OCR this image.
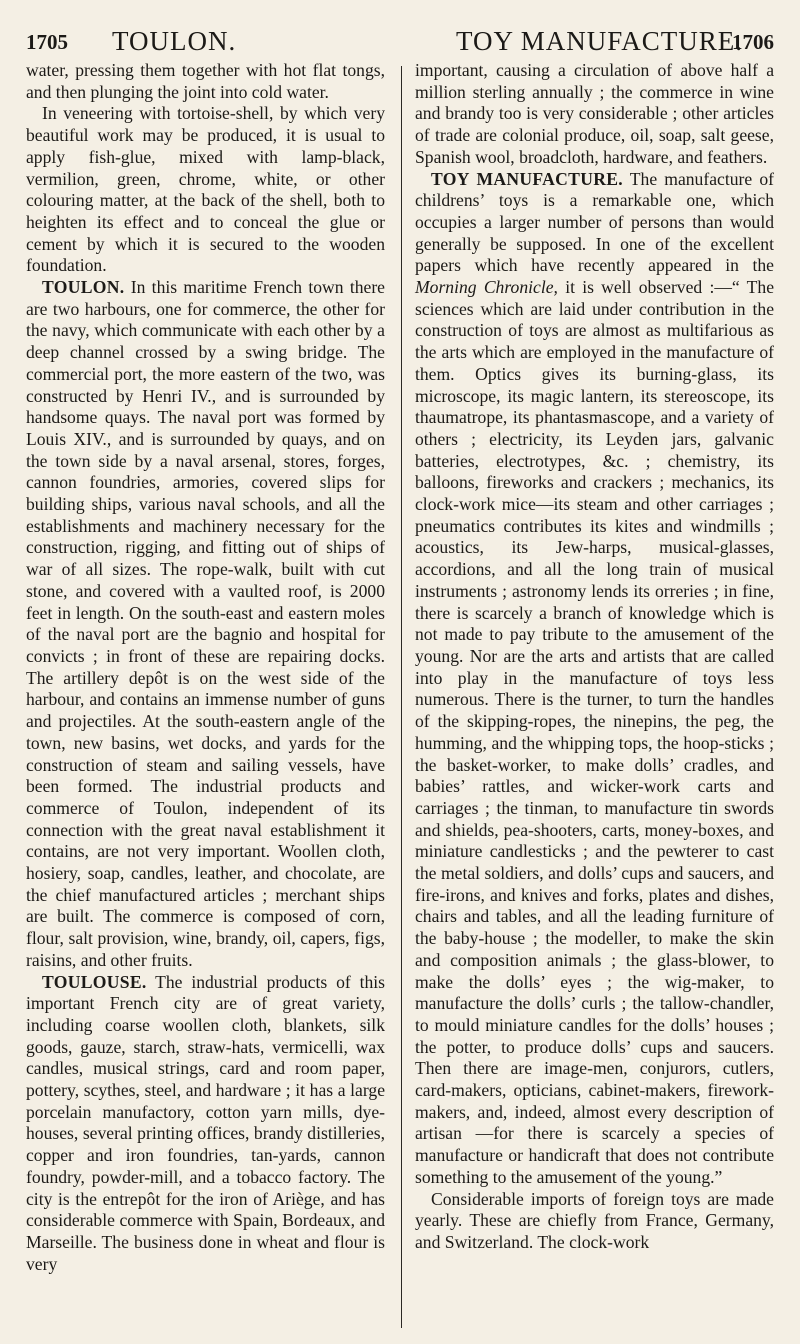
1705 TOULON.	TOY MANUFACTURE.
1706

water, pressing them together with hot flat tongs, and then plunging the joint into cold water.

In veneering with tortoise-shell, by which very beautiful work may be produced, it is usual to apply fish-glue, mixed with lamp-black, vermilion, green, chrome, white, or other colouring matter, at the back of the shell, both to heighten its effect and to conceal the glue or cement by which it is secured to the wooden foundation.

TOULON. In this maritime French town there are two harbours, one for commerce, the other for the navy, which communicate with each other by a deep channel crossed by a swing bridge. The commercial port, the more eastern of the two, was constructed by Henri IV., and is surrounded by handsome quays. The naval port was formed by Louis XIV., and is surrounded by quays, and on the town side by a naval arsenal, stores, forges, cannon foundries, armories, covered slips for building ships, various naval schools, and all the establishments and machinery necessary for the construction, rigging, and fitting out of ships of war of all sizes. The rope-walk, built with cut stone, and covered with a vaulted roof, is 2000 feet in length. On the south-east and eastern moles of the naval port are the bagnio and hospital for convicts ; in front of these are repairing docks. The artillery depôt is on the west side of the harbour, and contains an immense number of guns and projectiles. At the south-eastern angle of the town, new basins, wet docks, and yards for the construction of steam and sailing vessels, have been formed. The industrial products and commerce of Toulon, independent of its connection with the great naval establishment it contains, are not very important. Woollen cloth, hosiery, soap, candles, leather, and chocolate, are the chief manufactured articles ; merchant ships are built. The commerce is composed of corn, flour, salt provision, wine, brandy, oil, capers, figs, raisins, and other fruits.

TOULOUSE. The industrial products of this important French city are of great variety, including coarse woollen cloth, blankets, silk goods, gauze, starch, straw-hats, vermicelli, wax candles, musical strings, card and room paper, pottery, scythes, steel, and hardware ; it has a large porcelain manufactory, cotton yarn mills, dye-houses, several printing offices, brandy distilleries, copper and iron foundries, tan-yards, cannon foundry, powder-mill, and a tobacco factory. The city is the entrepôt for the iron of Ariège, and has considerable commerce with Spain, Bordeaux, and Marseille. The business done in wheat and flour is very

important, causing a circulation of above half a million sterling annually ; the commerce in wine and brandy too is very considerable ; other articles of trade are colonial produce, oil, soap, salt geese, Spanish wool, broadcloth, hardware, and feathers.

TOY MANUFACTURE. The manufacture of childrens’ toys is a remarkable one, which occupies a larger number of persons than would generally be supposed. In one of the excellent papers which have recently appeared in the Morning Chronicle, it is well observed :—“ The sciences which are laid under contribution in the construction of toys are almost as multifarious as the arts which are employed in the manufacture of them. Optics gives its burning-glass, its microscope, its magic lantern, its stereoscope, its thaumatrope, its phantasmascope, and a variety of others ; electricity, its Leyden jars, galvanic batteries, electrotypes, &c. ; chemistry, its balloons, fireworks and crackers ; mechanics, its clock-work mice—its steam and other carriages ; pneumatics contributes its kites and windmills ; acoustics, its Jew-harps, musical-glasses, accordions, and all the long train of musical instruments ; astronomy lends its orreries ; in fine, there is scarcely a branch of knowledge which is not made to pay tribute to the amusement of the young. Nor are the arts and artists that are called into play in the manufacture of toys less numerous. There is the turner, to turn the handles of the skipping-ropes, the ninepins, the peg, the humming, and the whipping tops, the hoop-sticks ; the basket-worker, to make dolls’ cradles, and babies’ rattles, and wicker-work carts and carriages ; the tinman, to manufacture tin swords and shields, pea-shooters, carts, money-boxes, and miniature candlesticks ; and the pewterer to cast the metal soldiers, and dolls’ cups and saucers, and fire-irons, and knives and forks, plates and dishes, chairs and tables, and all the leading furniture of the baby-house ; the modeller, to make the skin and composition animals ; the glass-blower, to make the dolls’ eyes ; the wig-maker, to manufacture the dolls’ curls ; the tallow-chandler, to mould miniature candles for the dolls’ houses ; the potter, to produce dolls’ cups and saucers. Then there are image-men, conjurors, cutlers, card-makers, opticians, cabinet-makers, firework-makers, and, indeed, almost every description of artisan —for there is scarcely a species of manufacture or handicraft that does not contribute something to the amusement of the young.”

Considerable imports of foreign toys are made yearly. These are chiefly from France, Germany, and Switzerland. The clock-work
